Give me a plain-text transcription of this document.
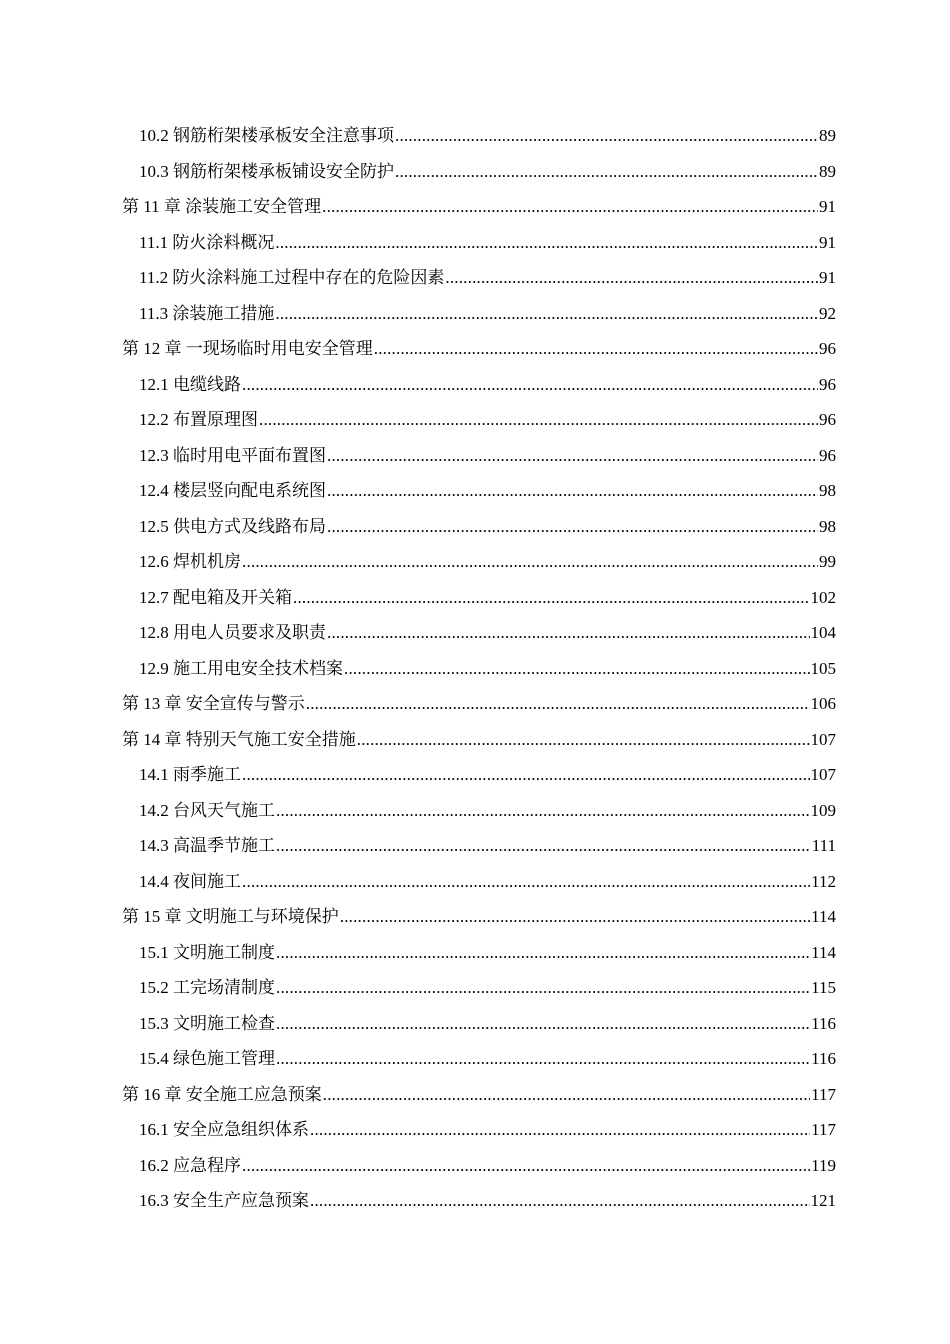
10.2 钢筋桁架楼承板安全注意事项 .....	89
10.3 钢筋桁架楼承板铺设安全防护 .....	89
第 11 章 涂装施工安全管理 .....	91
11.1 防火涂料概况 .....	91
11.2 防火涂料施工过程中存在的危险因素 .....	91
11.3 涂装施工措施 .....	92
第 12 章 一现场临时用电安全管理 .....	96
12.1 电缆线路 .....	96
12.2 布置原理图 .....	96
12.3 临时用电平面布置图 .....	96
12.4 楼层竖向配电系统图 .....	98
12.5 供电方式及线路布局 .....	98
12.6 焊机机房 .....	99
12.7 配电箱及开关箱 .....	102
12.8 用电人员要求及职责 .....	104
12.9 施工用电安全技术档案 .....	105
第 13 章 安全宣传与警示 .....	106
第 14 章 特别天气施工安全措施 .....	107
14.1 雨季施工 .....	107
14.2 台风天气施工 .....	109
14.3 高温季节施工 .....	111
14.4 夜间施工 .....	112
第 15 章 文明施工与环境保护 .....	114
15.1 文明施工制度 .....	114
15.2 工完场清制度 .....	115
15.3 文明施工检查 .....	116
15.4 绿色施工管理 .....	116
第 16 章 安全施工应急预案 .....	117
16.1 安全应急组织体系 .....	117
16.2 应急程序 .....	119
16.3 安全生产应急预案 .....	121
